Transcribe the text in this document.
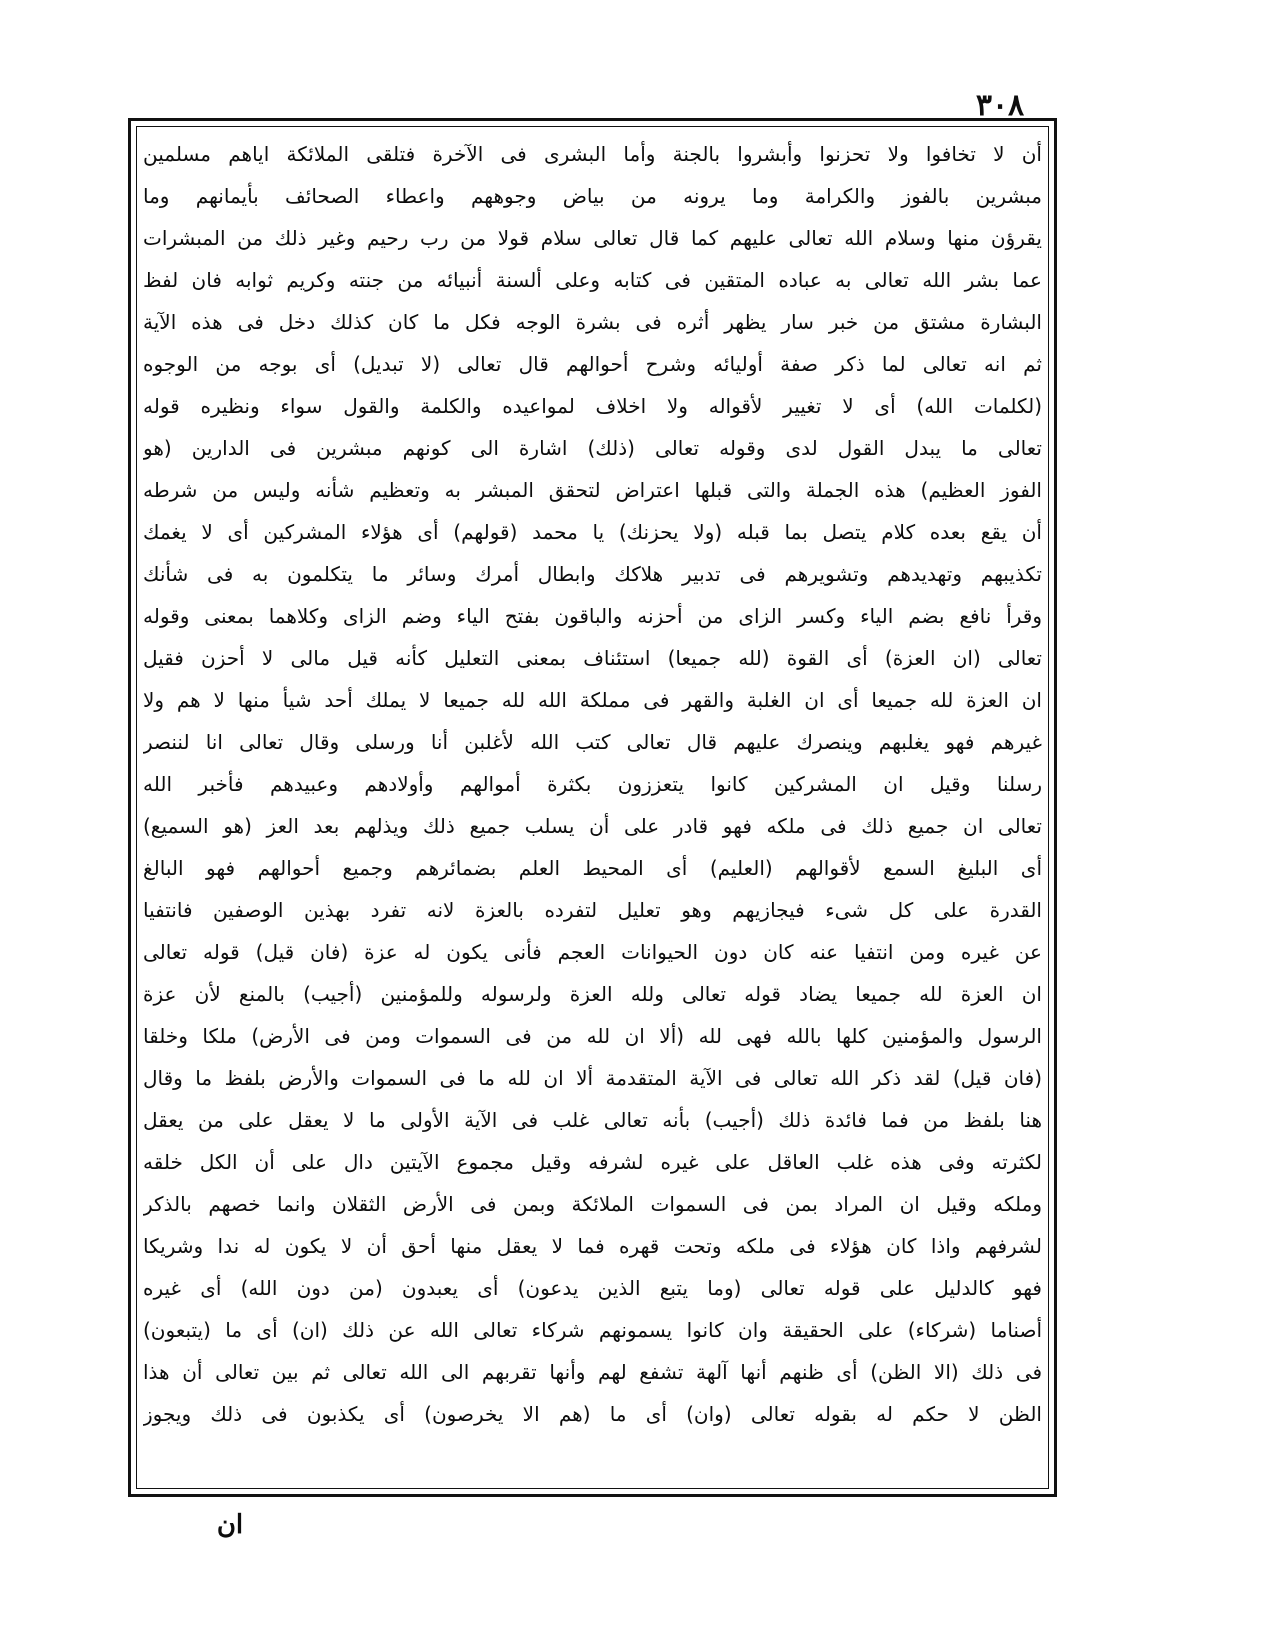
٣٠٨
أن لا تخافوا ولا تحزنوا وأبشروا بالجنة وأما البشرى فى الآخرة فتلقى الملائكة اياهم مسلمين
مبشرين بالفوز والكرامة وما يرونه من بياض وجوههم واعطاء الصحائف بأيمانهم وما
يقرؤن منها وسلام الله تعالى عليهم كما قال تعالى سلام قولا من رب رحيم وغير ذلك من المبشرات
عما بشر الله تعالى به عباده المتقين فى كتابه وعلى ألسنة أنبيائه من جنته وكريم ثوابه فان لفظ
البشارة مشتق من خبر سار يظهر أثره فى بشرة الوجه فكل ما كان كذلك دخل فى هذه الآية
ثم انه تعالى لما ذكر صفة أوليائه وشرح أحوالهم قال تعالى (لا تبديل) أى بوجه من الوجوه
(لكلمات الله) أى لا تغيير لأقواله ولا اخلاف لمواعيده والكلمة والقول سواء ونظيره قوله
تعالى ما يبدل القول لدى وقوله تعالى (ذلك) اشارة الى كونهم مبشرين فى الدارين (هو
الفوز العظيم) هذه الجملة والتى قبلها اعتراض لتحقق المبشر به وتعظيم شأنه وليس من شرطه
أن يقع بعده كلام يتصل بما قبله (ولا يحزنك) يا محمد (قولهم) أى هؤلاء المشركين أى لا يغمك
تكذيبهم وتهديدهم وتشويرهم فى تدبير هلاكك وابطال أمرك وسائر ما يتكلمون به فى شأنك
وقرأ نافع بضم الياء وكسر الزاى من أحزنه والباقون بفتح الياء وضم الزاى وكلاهما بمعنى وقوله
تعالى (ان العزة) أى القوة (لله جميعا) استئناف بمعنى التعليل كأنه قيل مالى لا أحزن فقيل
ان العزة لله جميعا أى ان الغلبة والقهر فى مملكة الله لله جميعا لا يملك أحد شيأ منها لا هم ولا
غيرهم فهو يغلبهم وينصرك عليهم قال تعالى كتب الله لأغلبن أنا ورسلى وقال تعالى انا لننصر
رسلنا وقيل ان المشركين كانوا يتعززون بكثرة أموالهم وأولادهم وعبيدهم فأخبر الله
تعالى ان جميع ذلك فى ملكه فهو قادر على أن يسلب جميع ذلك ويذلهم بعد العز (هو السميع)
أى البليغ السمع لأقوالهم (العليم) أى المحيط العلم بضمائرهم وجميع أحوالهم فهو البالغ
القدرة على كل شىء فيجازيهم وهو تعليل لتفرده بالعزة لانه تفرد بهذين الوصفين فانتفيا
عن غيره ومن انتفيا عنه كان دون الحيوانات العجم فأنى يكون له عزة (فان قيل) قوله تعالى
ان العزة لله جميعا يضاد قوله تعالى ولله العزة ولرسوله وللمؤمنين (أجيب) بالمنع لأن عزة
الرسول والمؤمنين كلها بالله فهى لله (ألا ان لله من فى السموات ومن فى الأرض) ملكا وخلقا
(فان قيل) لقد ذكر الله تعالى فى الآية المتقدمة ألا ان لله ما فى السموات والأرض بلفظ ما وقال
هنا بلفظ من فما فائدة ذلك (أجيب) بأنه تعالى غلب فى الآية الأولى ما لا يعقل على من يعقل
لكثرته وفى هذه غلب العاقل على غيره لشرفه وقيل مجموع الآيتين دال على أن الكل خلقه
وملكه وقيل ان المراد بمن فى السموات الملائكة وبمن فى الأرض الثقلان وانما خصهم بالذكر
لشرفهم واذا كان هؤلاء فى ملكه وتحت قهره فما لا يعقل منها أحق أن لا يكون له ندا وشريكا
فهو كالدليل على قوله تعالى (وما يتبع الذين يدعون) أى يعبدون (من دون الله) أى غيره
أصناما (شركاء) على الحقيقة وان كانوا يسمونهم شركاء تعالى الله عن ذلك (ان) أى ما (يتبعون)
فى ذلك (الا الظن) أى ظنهم أنها آلهة تشفع لهم وأنها تقربهم الى الله تعالى ثم بين تعالى أن هذا
الظن لا حكم له بقوله تعالى (وان) أى ما (هم الا يخرصون) أى يكذبون فى ذلك ويجوز
ان
